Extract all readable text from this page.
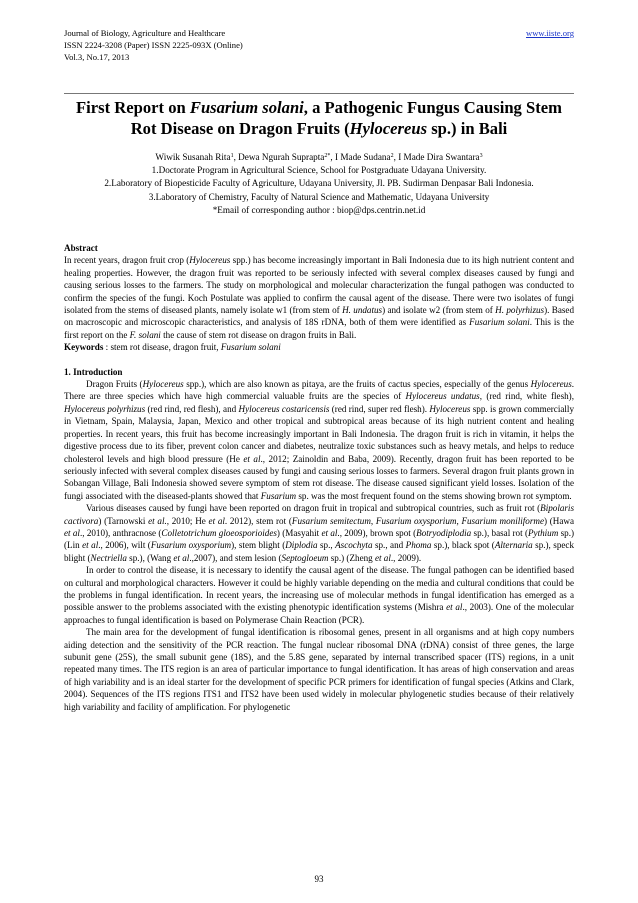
Journal of Biology, Agriculture and Healthcare	www.iiste.org
ISSN 2224-3208 (Paper) ISSN 2225-093X (Online)
Vol.3, No.17, 2013
First Report on Fusarium solani, a Pathogenic Fungus Causing Stem Rot Disease on Dragon Fruits (Hylocereus sp.) in Bali
Wiwik Susanah Rita$^1$, Dewa Ngurah Suprapta$^{2*}$, I Made Sudana$^2$, I Made Dira Swantara$^3$
1.Doctorate Program in Agricultural Science, School for Postgraduate Udayana University.
2.Laboratory of Biopesticide Faculty of Agriculture, Udayana University, Jl. PB. Sudirman Denpasar Bali Indonesia.
3.Laboratory of Chemistry, Faculty of Natural Science and Mathematic, Udayana University
*Email of corresponding author : biop@dps.centrin.net.id

Abstract

In recent years, dragon fruit crop (Hylocereus spp.) has become increasingly important in Bali Indonesia due to its high nutrient content and healing properties. However, the dragon fruit was reported to be seriously infected with several complex diseases caused by fungi and causing serious losses to the farmers. The study on morphological and molecular characterization the fungal pathogen was conducted to confirm the species of the fungi. Koch Postulate was applied to confirm the causal agent of the disease. There were two isolates of fungi isolated from the stems of diseased plants, namely isolate w1 (from stem of H. undatus) and isolate w2 (from stem of H. polyrhizus). Based on macroscopic and microscopic characteristics, and analysis of 18S rDNA, both of them were identified as Fusarium solani. This is the first report on the F. solani the cause of stem rot disease on dragon fruits in Bali.

Keywords : stem rot disease, dragon fruit, Fusarium solani

1. Introduction

Dragon Fruits (Hylocereus spp.), which are also known as pitaya, are the fruits of cactus species, especially of the genus Hylocereus. There are three species which have high commercial valuable fruits are the species of Hylocereus undatus, (red rind, white flesh), Hylocereus polyrhizus (red rind, red flesh), and Hylocereus costaricensis (red rind, super red flesh). Hylocereus spp. is grown commercially in Vietnam, Spain, Malaysia, Japan, Mexico and other tropical and subtropical areas because of its high nutrient content and healing properties. In recent years, this fruit has become increasingly important in Bali Indonesia. The dragon fruit is rich in vitamin, it helps the digestive process due to its fiber, prevent colon cancer and diabetes, neutralize toxic substances such as heavy metals, and helps to reduce cholesterol levels and high blood pressure (He et al., 2012; Zainoldin and Baba, 2009). Recently, dragon fruit has been reported to be seriously infected with several complex diseases caused by fungi and causing serious losses to farmers. Several dragon fruit plants grown in Sobangan Village, Bali Indonesia showed severe symptom of stem rot disease. The disease caused significant yield losses. Isolation of the fungi associated with the diseased-plants showed that Fusarium sp. was the most frequent found on the stems showing brown rot symptom.

Various diseases caused by fungi have been reported on dragon fruit in tropical and subtropical countries, such as fruit rot (Bipolaris cactivora) (Tarnowski et al., 2010; He et al. 2012), stem rot (Fusarium semitectum, Fusarium oxysporium, Fusarium moniliforme) (Hawa et al., 2010), anthracnose (Colletotrichum gloeosporioides) (Masyahit et al., 2009), brown spot (Botryodiplodia sp.), basal rot (Pythium sp.) (Lin et al., 2006), wilt (Fusarium oxysporium), stem blight (Diplodia sp., Ascochyta sp., and Phoma sp.), black spot (Alternaria sp.), speck blight (Nectriella sp.), (Wang et al.,2007), and stem lesion (Septogloeum sp.) (Zheng et al., 2009).

In order to control the disease, it is necessary to identify the causal agent of the disease. The fungal pathogen can be identified based on cultural and morphological characters. However it could be highly variable depending on the media and cultural conditions that could be the problems in fungal identification. In recent years, the increasing use of molecular methods in fungal identification has emerged as a possible answer to the problems associated with the existing phenotypic identification systems (Mishra et al., 2003). One of the molecular approaches to fungal identification is based on Polymerase Chain Reaction (PCR).

The main area for the development of fungal identification is ribosomal genes, present in all organisms and at high copy numbers aiding detection and the sensitivity of the PCR reaction. The fungal nuclear ribosomal DNA (rDNA) consist of three genes, the large subunit gene (25S), the small subunit gene (18S), and the 5.8S gene, separated by internal transcribed spacer (ITS) regions, in a unit repeated many times. The ITS region is an area of particular importance to fungal identification. It has areas of high conservation and areas of high variability and is an ideal starter for the development of specific PCR primers for identification of fungal species (Atkins and Clark, 2004). Sequences of the ITS regions ITS1 and ITS2 have been used widely in molecular phylogenetic studies because of their relatively high variability and facility of amplification. For phylogenetic

93
